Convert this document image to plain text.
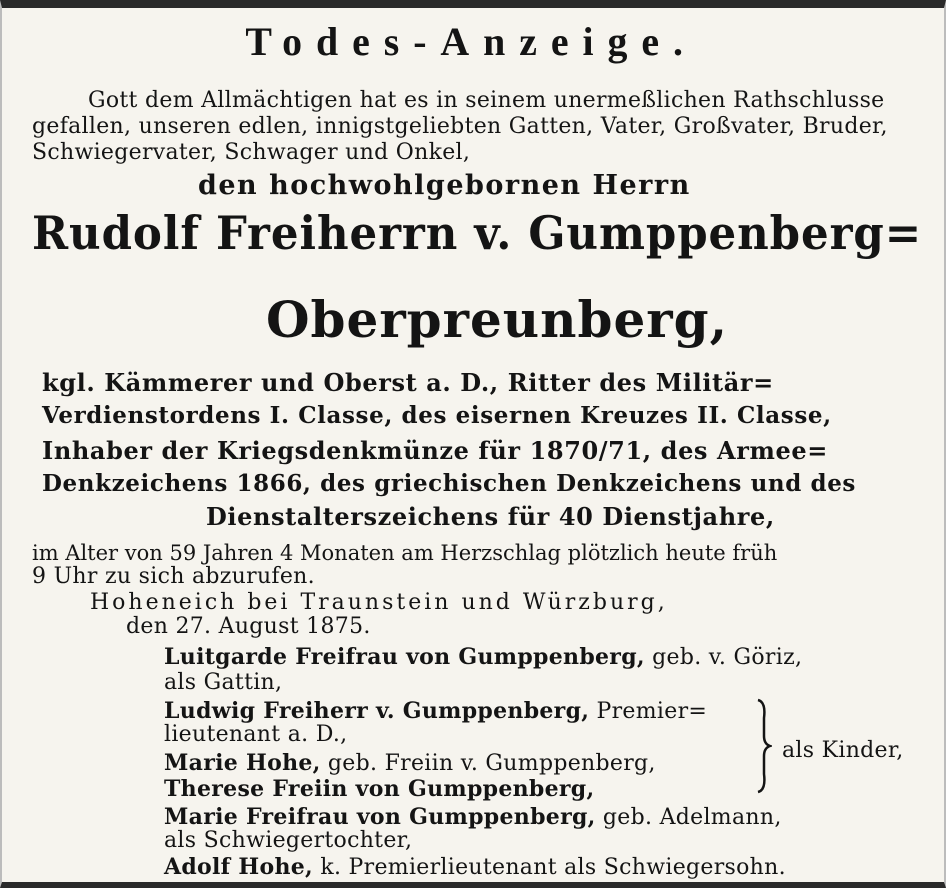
Todes-Anzeige.
Gott dem Allmächtigen hat es in seinem unermeßlichen Rathschlusse
gefallen, unseren edlen, innigstgeliebten Gatten, Vater, Großvater, Bruder,
Schwiegervater, Schwager und Onkel,
den hochwohlgebornen Herrn
Rudolf Freiherrn v. Gumppenberg=
Oberpreunberg,
kgl. Kämmerer und Oberst a. D., Ritter des Militär=
Verdienstordens I. Classe, des eisernen Kreuzes II. Classe,
Inhaber der Kriegsdenkmünze für 1870/71, des Armee=
Denkzeichens 1866, des griechischen Denkzeichens und des
Dienstalterszeichens für 40 Dienstjahre,
im Alter von 59 Jahren 4 Monaten am Herzschlag plötzlich heute früh
9 Uhr zu sich abzurufen.
Hoheneich bei Traunstein und Würzburg,
den 27. August 1875.
Luitgarde Freifrau von Gumppenberg, geb. v. Göriz,
als Gattin,
Ludwig Freiherr v. Gumppenberg, Premier=
lieutenant a. D.,
Marie Hohe, geb. Freiin v. Gumppenberg,
Therese Freiin von Gumppenberg,
als Kinder,
Marie Freifrau von Gumppenberg, geb. Adelmann,
als Schwiegertochter,
Adolf Hohe, k. Premierlieutenant als Schwiegersohn.
